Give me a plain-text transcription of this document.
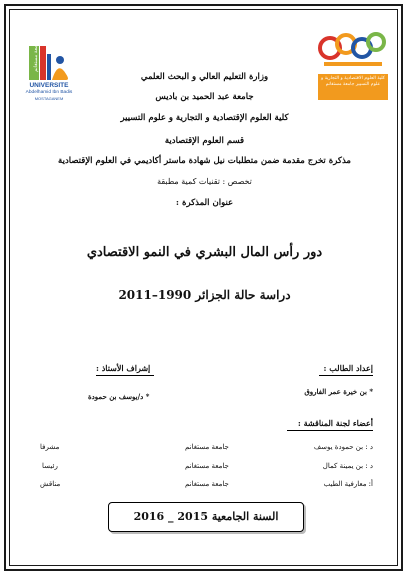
جامعة مستغانم
UNIVERSITE
Abdelhamid Ibn Badis
MOSTAGANEM
كلية العلوم الاقتصادية و التجارية و علوم التسيير جامعة مستغانم
وزارة التعليم العالي و البحث العلمي
جامعة عبد الحميد بن باديس
كلية العلوم الإقتصادية و التجارية و علوم التسيير
قسم العلوم الإقتصادية
مذكرة تخرج مقدمة ضمن متطلبات نيل شهادة ماستر أكاديمي في العلوم الإقتصادية
تخصص : تقنيات كمية مطبقة
عنوان المذكرة :
دور رأس المال البشري في النمو الاقتصادي
دراسة حالة الجزائر 1990–2011
إعداد الطالب :
إشراف الأستاذ :
* بن خيرة عمر الفاروق
* د/يوسف بن حمودة
أعضاء لجنة المناقشة :
د : بن حمودة يوسف
جامعة مستغانم
مشرفا
د : بن يمينة كمال
جامعة مستغانم
رئيسا
أ: معارفية الطيب
جامعة مستغانم
مناقش
السنة الجامعية 2015 _ 2016
